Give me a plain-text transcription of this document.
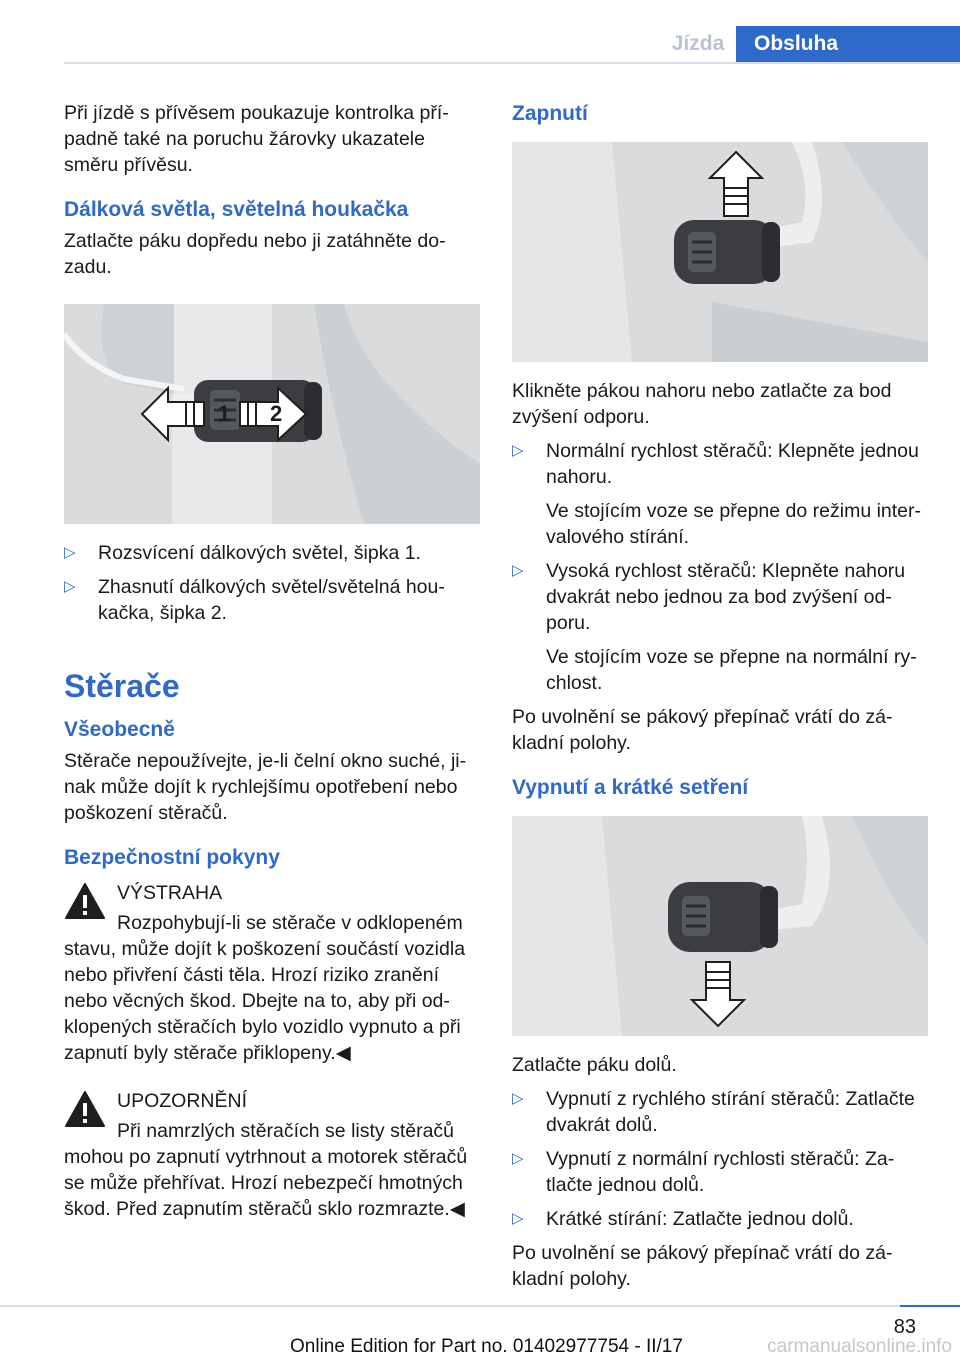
Jízda	Obsluha

Při jízdě s přívěsem poukazuje kontrolka případně také na poruchu žárovky ukazatele směru přívěsu.

Dálková světla, světelná houkačka

Zatlačte páku dopředu nebo ji zatáhněte dozadu.

1 2
▷ Rozsvícení dálkových světel, šipka 1.
▷ Zhasnutí dálkových světel/světelná houkačka, šipka 2.
Stěrače
Všeobecně

Stěrače nepoužívejte, je-li čelní okno suché, jinak může dojít k rychlejšímu opotřebení nebo poškození stěračů.

Bezpečnostní pokyny
VÝSTRAHA
Rozpohybují-li se stěrače v odklopeném
stavu, může dojít k poškození součástí vozidla nebo přivření části těla. Hrozí riziko zranění nebo věcných škod. Dbejte na to, aby při odklopených stěračích bylo vozidlo vypnuto a při zapnutí byly stěrače přiklopeny.◀
UPOZORNĚNÍ
Při namrzlých stěračích se listy stěračů
mohou po zapnutí vytrhnout a motorek stěračů se může přehřívat. Hrozí nebezpečí hmotných škod. Před zapnutím stěračů sklo rozmrazte.◀
Zapnutí

Klikněte pákou nahoru nebo zatlačte za bod zvýšení odporu.

▷ Normální rychlost stěračů: Klepněte jednou nahoru.
Ve stojícím voze se přepne do režimu intervalového stírání.
▷ Vysoká rychlost stěračů: Klepněte nahoru dvakrát nebo jednou za bod zvýšení odporu.
Ve stojícím voze se přepne na normální rychlost.

Po uvolnění se pákový přepínač vrátí do základní polohy.

Vypnutí a krátké setření

Zatlačte páku dolů.

▷ Vypnutí z rychlého stírání stěračů: Zatlačte dvakrát dolů.
▷ Vypnutí z normální rychlosti stěračů: Zatlačte jednou dolů.
▷ Krátké stírání: Zatlačte jednou dolů.

Po uvolnění se pákový přepínač vrátí do základní polohy.

83
Online Edition for Part no. 01402977754 - II/17	carmanualsonline.info
